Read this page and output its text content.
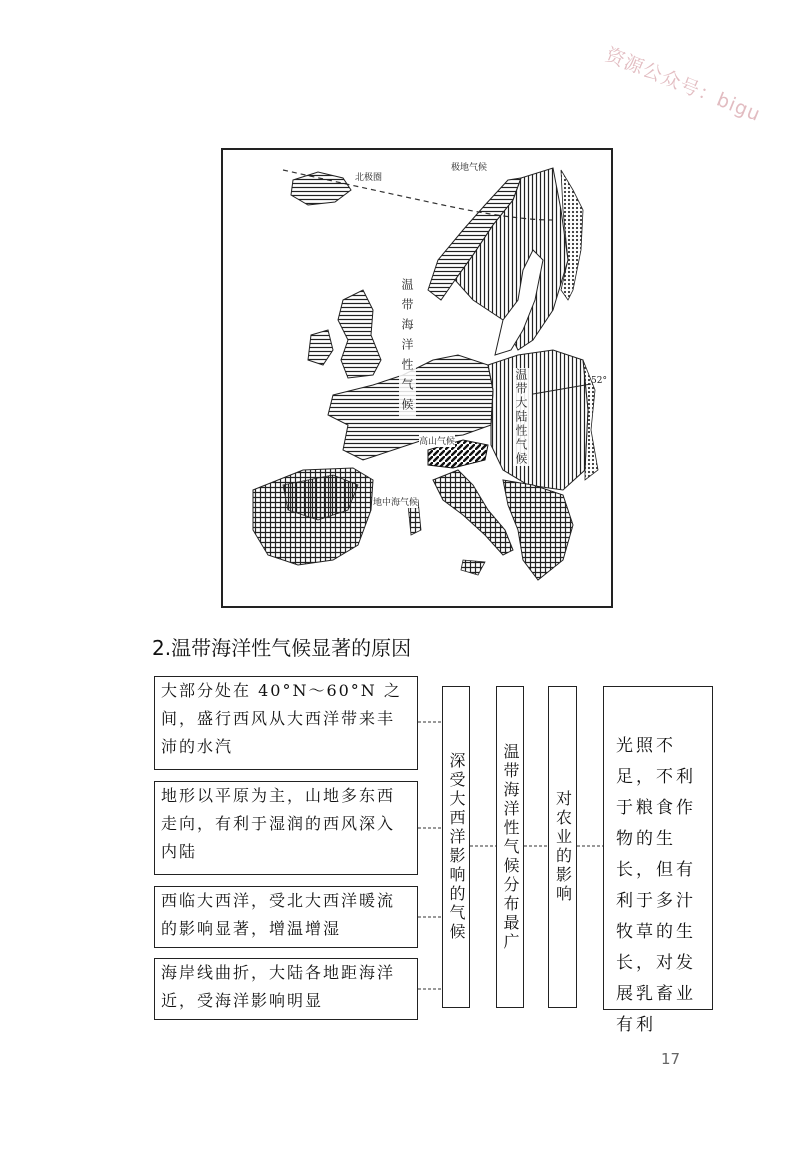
资源公众号：bigu
北极圈
极地气候
温带海洋性气候	温带大陆性气候
高山气候
地中海气候
52°
2.温带海洋性气候显著的原因
大部分处在 40°N～60°N 之间，盛行西风从大西洋带来丰沛的水汽
地形以平原为主，山地多东西走向，有利于湿润的西风深入内陆
西临大西洋，受北大西洋暖流的影响显著，增温增湿
海岸线曲折，大陆各地距海洋近，受海洋影响明显
深受大西洋影响的气候 温带海洋性气候分布最广 对农业的影响
光照不足，不利于粮食作物的生长，但有利于多汁牧草的生长，对发展乳畜业有利
17
